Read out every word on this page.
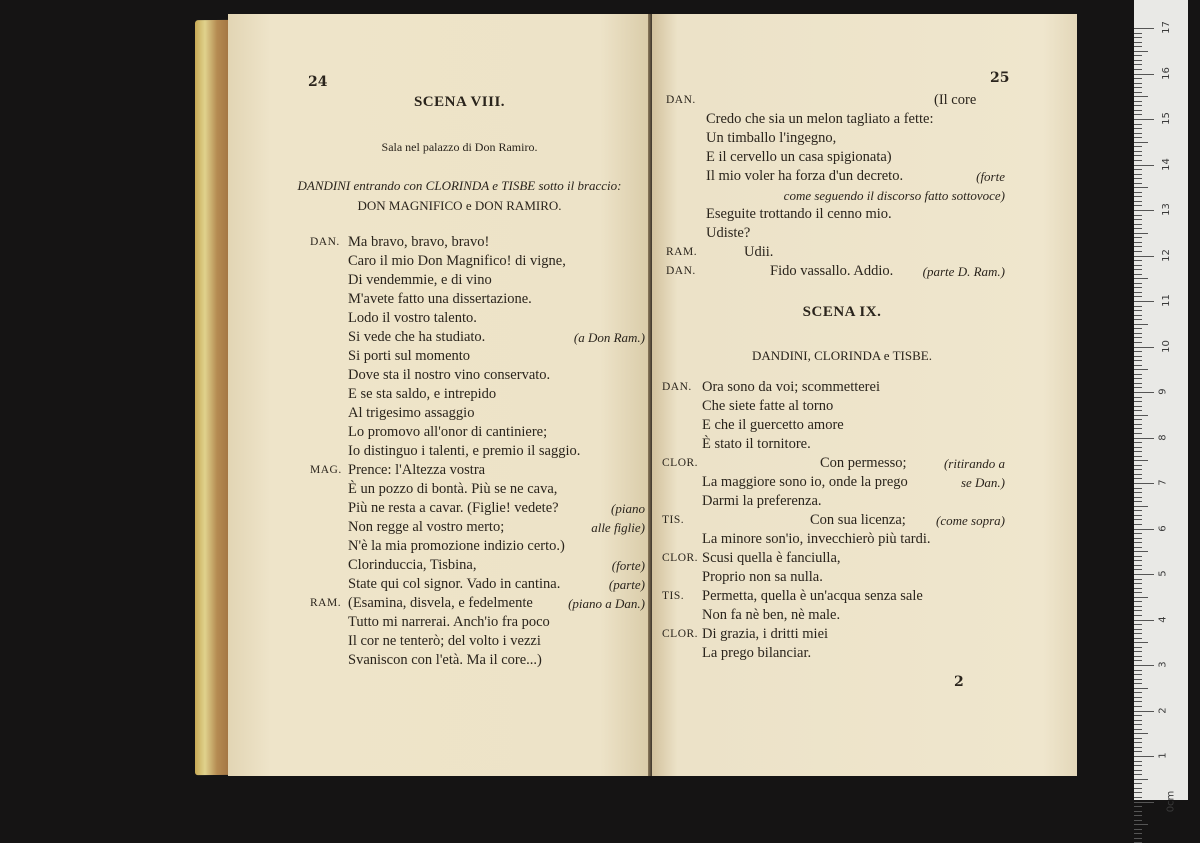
24
SCENA VIII.
Sala nel palazzo di Don Ramiro.
DANDINI entrando con CLORINDA e TISBE sotto il braccio:
DON MAGNIFICO e DON RAMIRO.
DAN. Ma bravo, bravo, bravo!
Caro il mio Don Magnifico! di vigne,
Di vendemmie, e di vino
M'avete fatto una dissertazione.
Lodo il vostro talento.
Si vede che ha studiato.	(a Don Ram.)
Si porti sul momento
Dove sta il nostro vino conservato.
E se sta saldo, e intrepido
Al trigesimo assaggio
Lo promovo all'onor di cantiniere;
Io distinguo i talenti, e premio il saggio.
MAG. Prence: l'Altezza vostra
È un pozzo di bontà. Più se ne cava,
Più ne resta a cavar. (Figlie! vedete?	(piano
Non regge al vostro merto;	alle figlie)
N'è la mia promozione indizio certo.)
Clorinduccia, Tisbina,	(forte)
State qui col signor. Vado in cantina.	(parte)
RAM. (Esamina, disvela, e fedelmente	(piano a Dan.)
Tutto mi narrerai. Anch'io fra poco
Il cor ne tenterò; del volto i vezzi
Svaniscon con l'età. Ma il core...)
25
DAN.	(Il core
Credo che sia un melon tagliato a fette:
Un timballo l'ingegno,
E il cervello un casa spigionata)
Il mio voler ha forza d'un decreto.	(forte
come seguendo il discorso fatto sottovoce)
Eseguite trottando il cenno mio.
Udiste?
RAM.	Udii.
DAN.	Fido vassallo. Addio. (parte D. Ram.)
SCENA IX.
DANDINI, CLORINDA e TISBE.
DAN. Ora sono da voi; scommetterei
Che siete fatte al torno
E che il guercetto amore
È stato il tornitore.
CLOR.	Con permesso;	(ritirando a
La maggiore sono io, onde la prego	se Dan.)
Darmi la preferenza.
TIS.	Con sua licenza; (come sopra)
La minore son'io, invecchierò più tardi.
CLOR. Scusi quella è fanciulla,
Proprio non sa nulla.
TIS. Permetta, quella è un'acqua senza sale
Non fa nè ben, nè male.
CLOR. Di grazia, i dritti miei
La prego bilanciar.
2
17
16
15
14
13
12
11
10
9
8
7
6
5
4
3
2
1
0cm
